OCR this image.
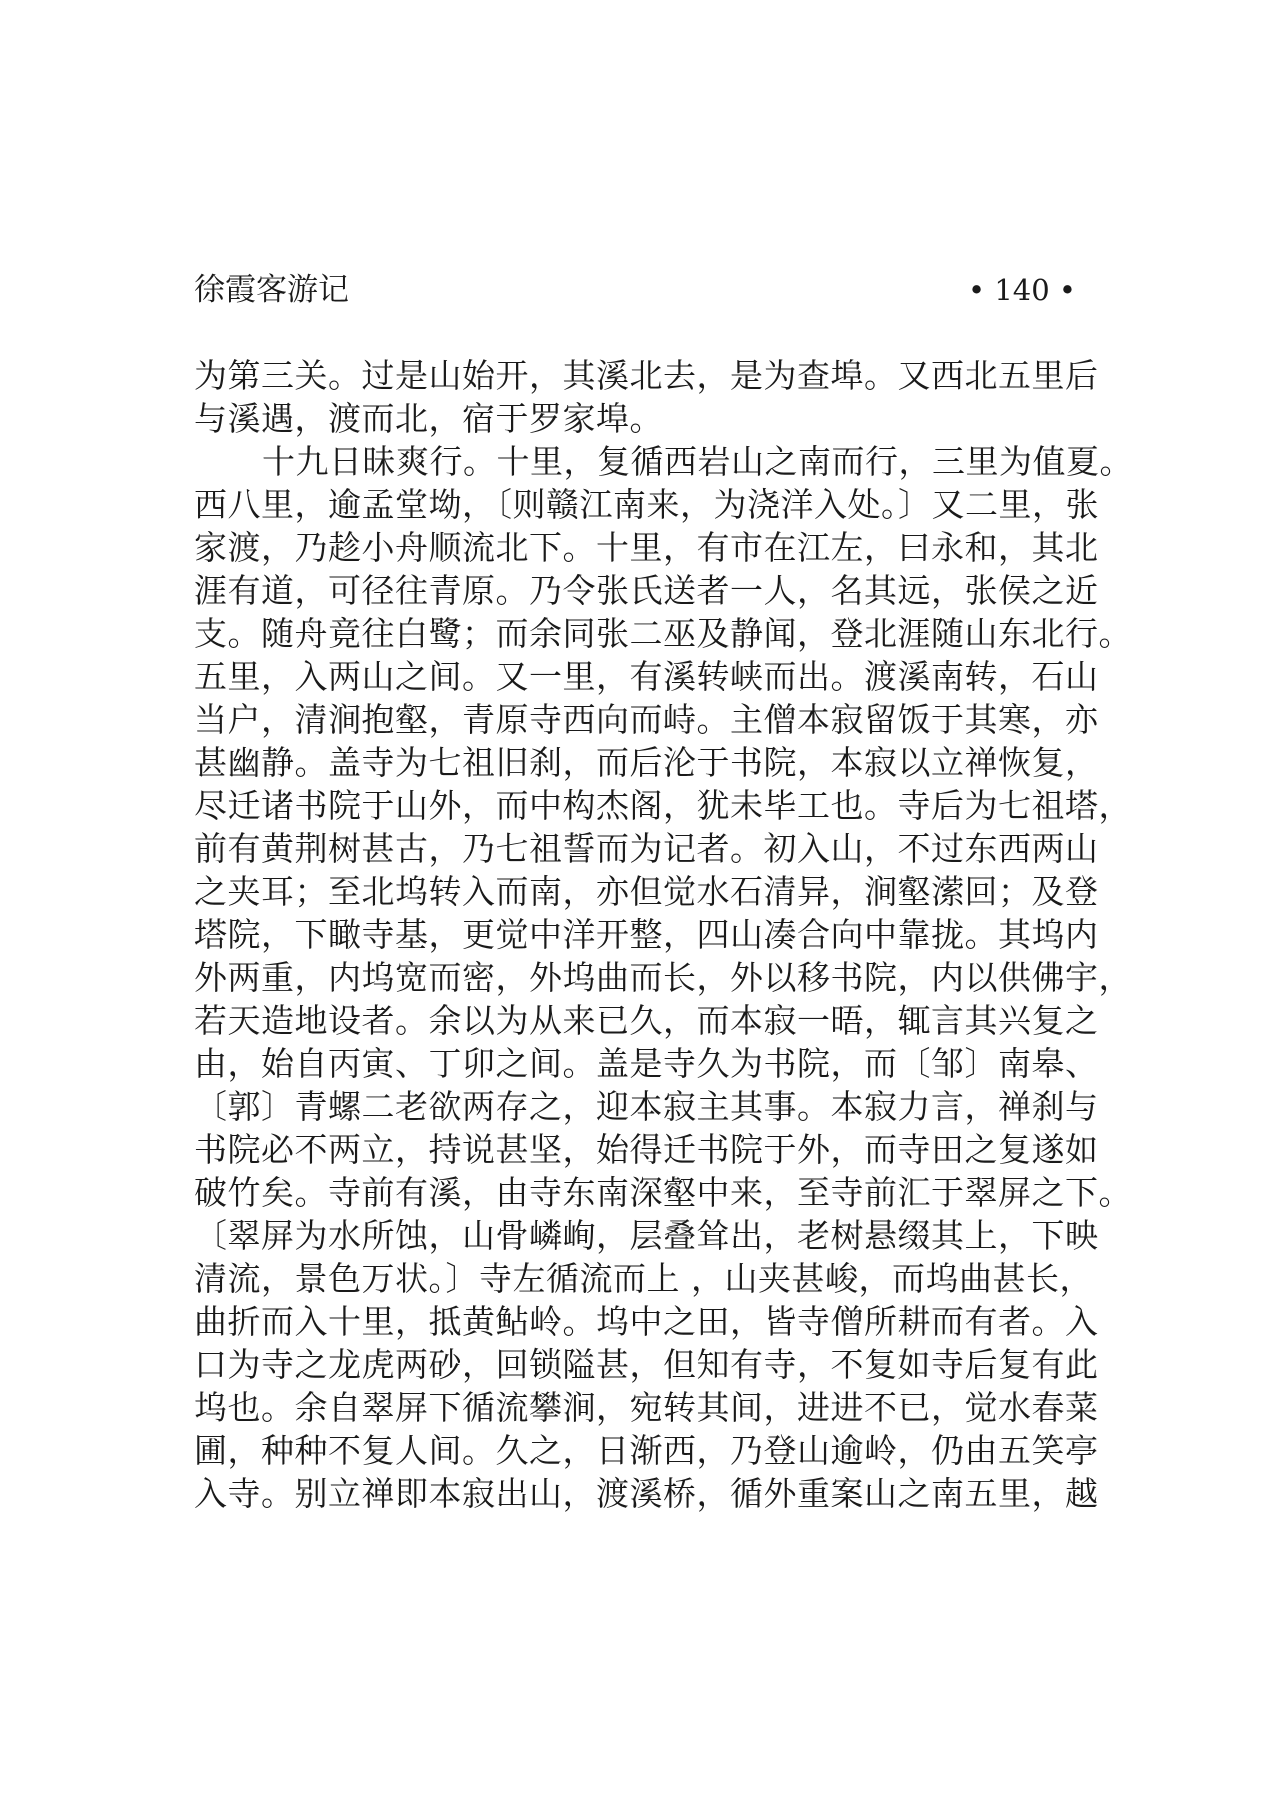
徐霞客游记	• 140 •
为第三关。过是山始开，其溪北去，是为查埠。又西北五里后
与溪遇，渡而北，宿于罗家埠。
十九日昧爽行。十里，复循西岩山之南而行，三里为值夏。
西八里，逾孟堂坳，〔则赣江南来，为浇洋入处。〕又二里，张
家渡，乃趁小舟顺流北下。十里，有市在江左，曰永和，其北
涯有道，可径往青原。乃令张氏送者一人，名其远，张侯之近
支。随舟竟往白鹭；而余同张二巫及静闻，登北涯随山东北行。
五里，入两山之间。又一里，有溪转峡而出。渡溪南转，石山
当户，清涧抱壑，青原寺西向而峙。主僧本寂留饭于其寒，亦
甚幽静。盖寺为七祖旧刹，而后沦于书院，本寂以立禅恢复，
尽迁诸书院于山外，而中构杰阁，犹未毕工也。寺后为七祖塔，
前有黄荆树甚古，乃七祖誓而为记者。初入山，不过东西两山
之夹耳；至北坞转入而南，亦但觉水石清异，涧壑潆回；及登
塔院，下瞰寺基，更觉中洋开整，四山凑合向中靠拢。其坞内
外两重，内坞宽而密，外坞曲而长，外以移书院，内以供佛宇，
若天造地设者。余以为从来已久，而本寂一晤，辄言其兴复之
由，始自丙寅、丁卯之间。盖是寺久为书院，而〔邹〕南皋、
〔郭〕青螺二老欲两存之，迎本寂主其事。本寂力言，禅刹与
书院必不两立，持说甚坚，始得迁书院于外，而寺田之复遂如
破竹矣。寺前有溪，由寺东南深壑中来，至寺前汇于翠屏之下。
〔翠屏为水所蚀，山骨嶙峋，层叠耸出，老树悬缀其上，下映
清流，景色万状。〕寺左循流而上 ，山夹甚峻，而坞曲甚长，
曲折而入十里，抵黄鲇岭。坞中之田，皆寺僧所耕而有者。入
口为寺之龙虎两砂，回锁隘甚，但知有寺，不复如寺后复有此
坞也。余自翠屏下循流攀涧，宛转其间，进进不已，觉水春菜
圃，种种不复人间。久之，日渐西，乃登山逾岭，仍由五笑亭
入寺。别立禅即本寂出山，渡溪桥，循外重案山之南五里，越
